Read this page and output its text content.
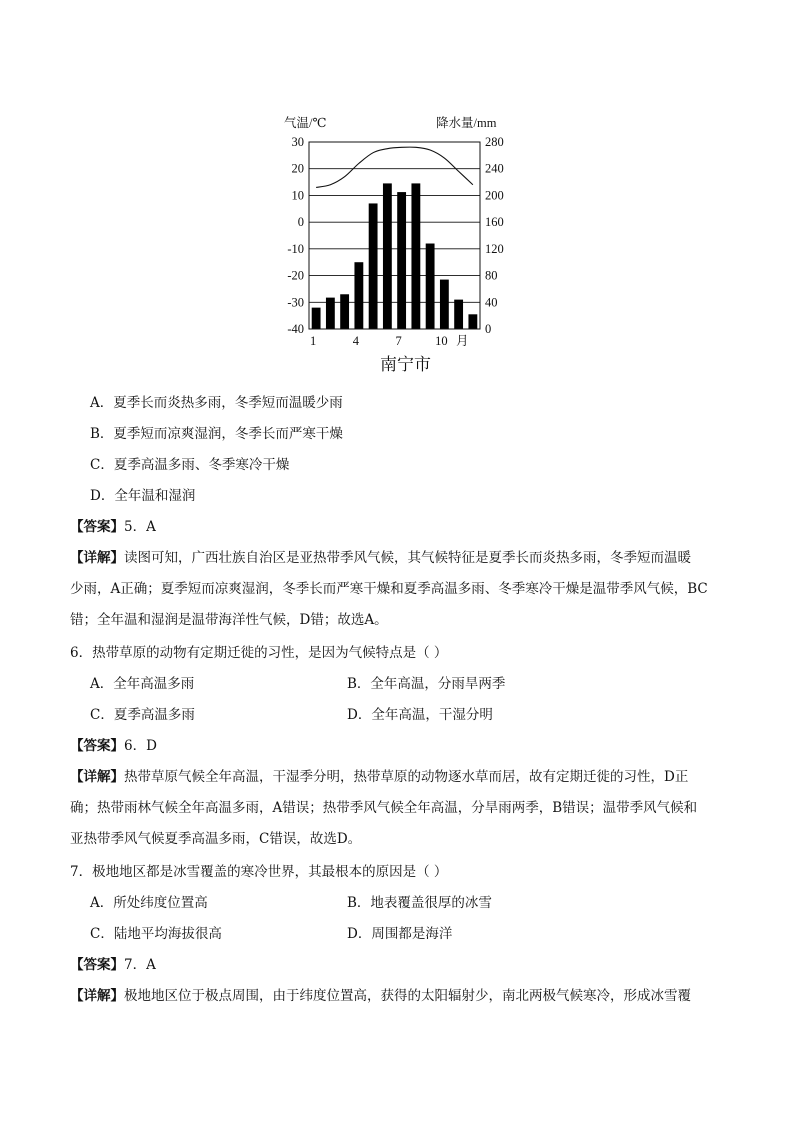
气温/℃	降水量/mm
30
20
10
0
-10
-20
-30
-40
280
240
200
160
120
80
40
0
1	4	7	10 月
南宁市
A．夏季长而炎热多雨，冬季短而温暖少雨
B．夏季短而凉爽湿润，冬季长而严寒干燥
C．夏季高温多雨、冬季寒冷干燥
D．全年温和湿润
【答案】5．A
【详解】读图可知，广西壮族自治区是亚热带季风气候，其气候特征是夏季长而炎热多雨，冬季短而温暖
少雨，A正确；夏季短而凉爽湿润，冬季长而严寒干燥和夏季高温多雨、冬季寒冷干燥是温带季风气候，BC
错；全年温和湿润是温带海洋性气候，D错；故选A。
6．热带草原的动物有定期迁徙的习性，是因为气候特点是（ ）
A．全年高温多雨	B．全年高温，分雨旱两季
C．夏季高温多雨	D．全年高温，干湿分明
【答案】6．D
【详解】热带草原气候全年高温，干湿季分明，热带草原的动物逐水草而居，故有定期迁徙的习性，D正
确；热带雨林气候全年高温多雨，A错误；热带季风气候全年高温，分旱雨两季，B错误；温带季风气候和
亚热带季风气候夏季高温多雨，C错误，故选D。
7．极地地区都是冰雪覆盖的寒冷世界，其最根本的原因是（ ）
A．所处纬度位置高	B．地表覆盖很厚的冰雪
C．陆地平均海拔很高	D．周围都是海洋
【答案】7．A
【详解】极地地区位于极点周围，由于纬度位置高，获得的太阳辐射少，南北两极气候寒冷，形成冰雪覆
